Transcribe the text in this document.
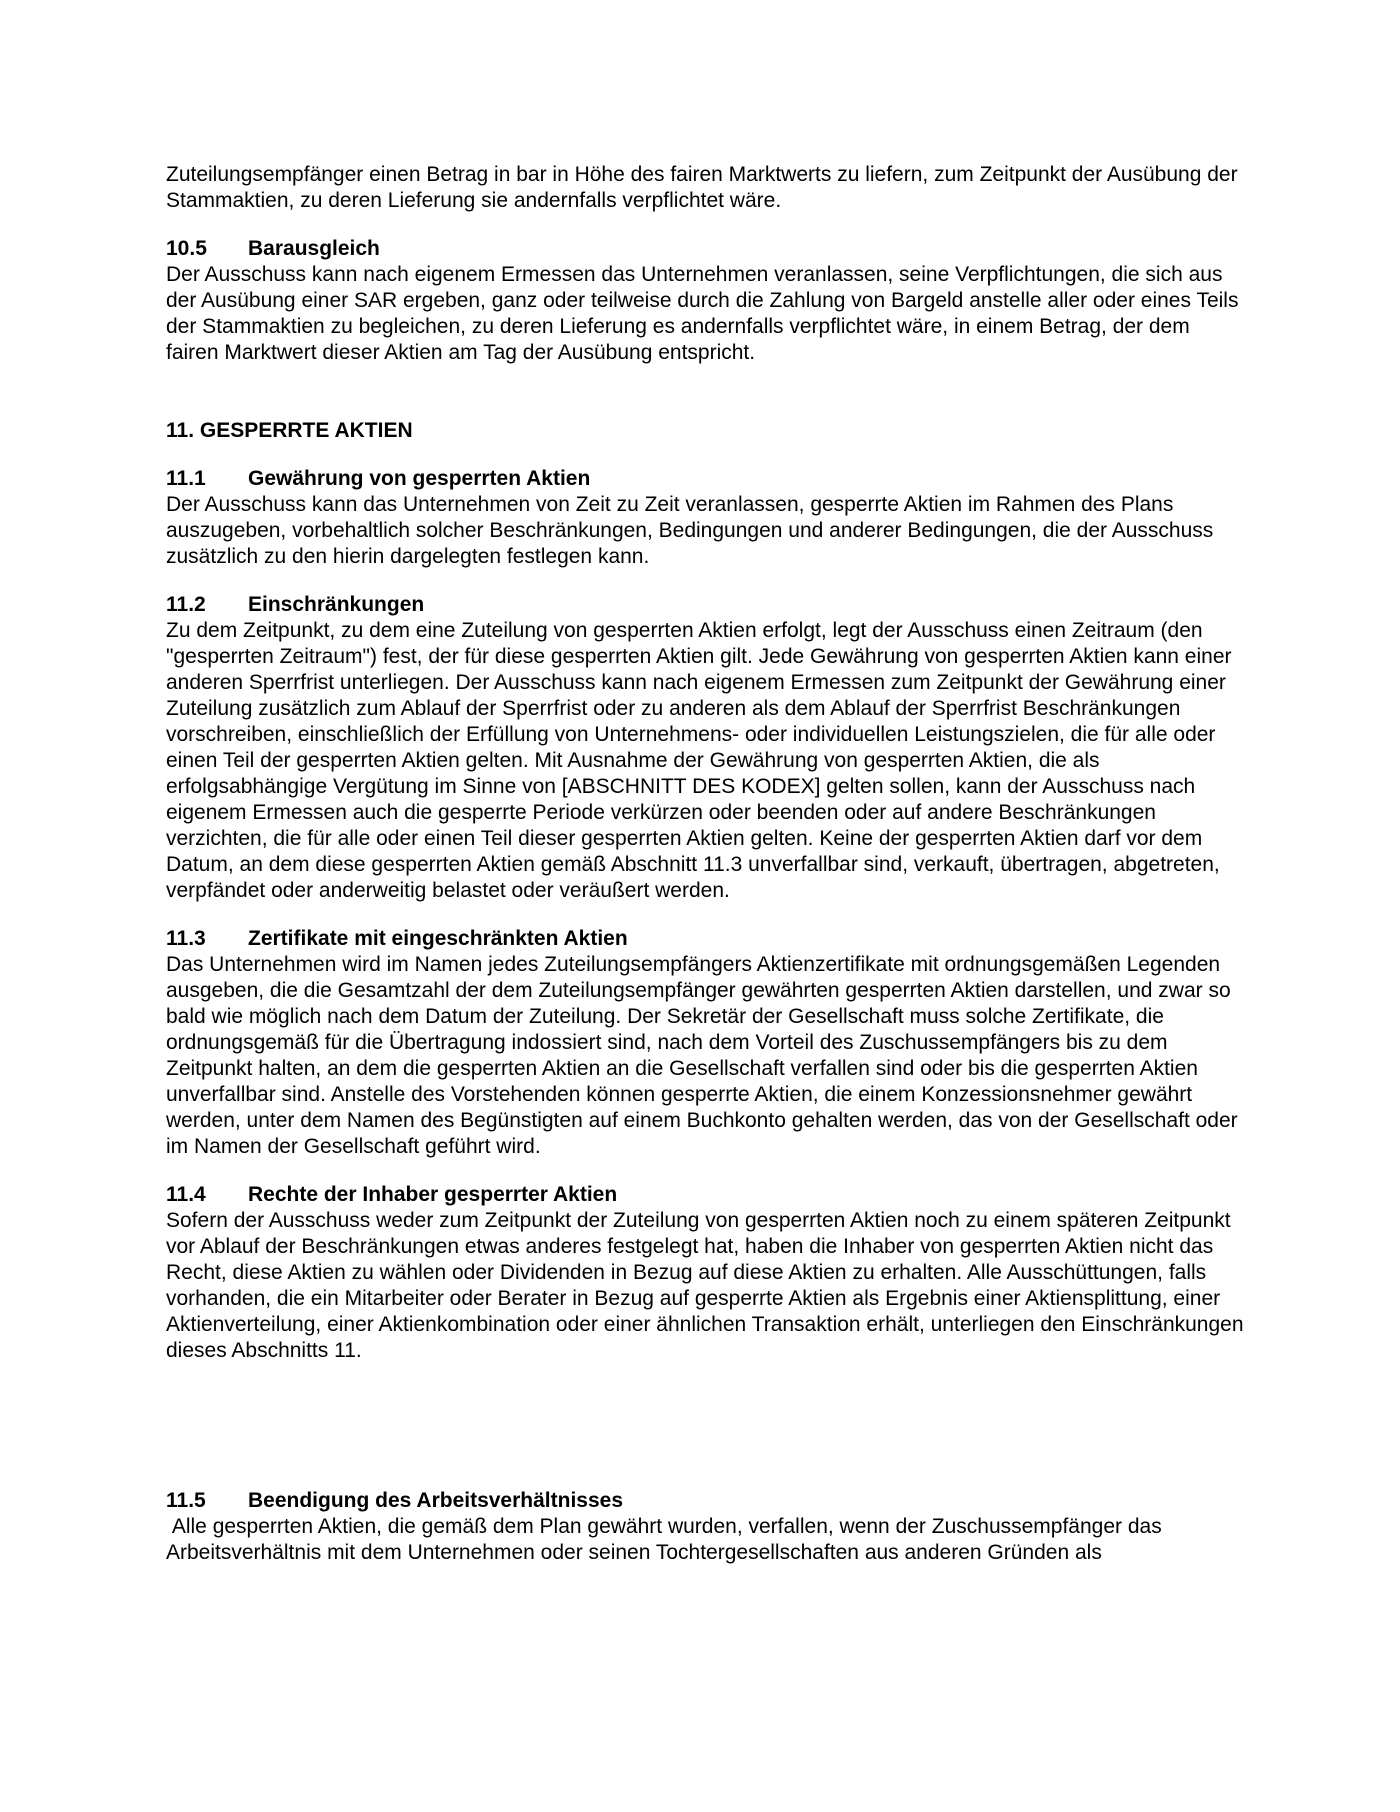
Zuteilungsempfänger einen Betrag in bar in Höhe des fairen Marktwerts zu liefern, zum Zeitpunkt der Ausübung der Stammaktien, zu deren Lieferung sie andernfalls verpflichtet wäre.

10.5	Barausgleich

Der Ausschuss kann nach eigenem Ermessen das Unternehmen veranlassen, seine Verpflichtungen, die sich aus der Ausübung einer SAR ergeben, ganz oder teilweise durch die Zahlung von Bargeld anstelle aller oder eines Teils der Stammaktien zu begleichen, zu deren Lieferung es andernfalls verpflichtet wäre, in einem Betrag, der dem fairen Marktwert dieser Aktien am Tag der Ausübung entspricht.

11. GESPERRTE AKTIEN
11.1	Gewährung von gesperrten Aktien

Der Ausschuss kann das Unternehmen von Zeit zu Zeit veranlassen, gesperrte Aktien im Rahmen des Plans auszugeben, vorbehaltlich solcher Beschränkungen, Bedingungen und anderer Bedingungen, die der Ausschuss zusätzlich zu den hierin dargelegten festlegen kann.

11.2	Einschränkungen

Zu dem Zeitpunkt, zu dem eine Zuteilung von gesperrten Aktien erfolgt, legt der Ausschuss einen Zeitraum (den "gesperrten Zeitraum") fest, der für diese gesperrten Aktien gilt. Jede Gewährung von gesperrten Aktien kann einer anderen Sperrfrist unterliegen. Der Ausschuss kann nach eigenem Ermessen zum Zeitpunkt der Gewährung einer Zuteilung zusätzlich zum Ablauf der Sperrfrist oder zu anderen als dem Ablauf der Sperrfrist Beschränkungen vorschreiben, einschließlich der Erfüllung von Unternehmens- oder individuellen Leistungszielen, die für alle oder einen Teil der gesperrten Aktien gelten. Mit Ausnahme der Gewährung von gesperrten Aktien, die als erfolgsabhängige Vergütung im Sinne von [ABSCHNITT DES KODEX] gelten sollen, kann der Ausschuss nach eigenem Ermessen auch die gesperrte Periode verkürzen oder beenden oder auf andere Beschränkungen verzichten, die für alle oder einen Teil dieser gesperrten Aktien gelten. Keine der gesperrten Aktien darf vor dem Datum, an dem diese gesperrten Aktien gemäß Abschnitt 11.3 unverfallbar sind, verkauft, übertragen, abgetreten, verpfändet oder anderweitig belastet oder veräußert werden.

11.3	Zertifikate mit eingeschränkten Aktien

Das Unternehmen wird im Namen jedes Zuteilungsempfängers Aktienzertifikate mit ordnungsgemäßen Legenden ausgeben, die die Gesamtzahl der dem Zuteilungsempfänger gewährten gesperrten Aktien darstellen, und zwar so bald wie möglich nach dem Datum der Zuteilung. Der Sekretär der Gesellschaft muss solche Zertifikate, die ordnungsgemäß für die Übertragung indossiert sind, nach dem Vorteil des Zuschussempfängers bis zu dem Zeitpunkt halten, an dem die gesperrten Aktien an die Gesellschaft verfallen sind oder bis die gesperrten Aktien unverfallbar sind. Anstelle des Vorstehenden können gesperrte Aktien, die einem Konzessionsnehmer gewährt werden, unter dem Namen des Begünstigten auf einem Buchkonto gehalten werden, das von der Gesellschaft oder im Namen der Gesellschaft geführt wird.

11.4	Rechte der Inhaber gesperrter Aktien

Sofern der Ausschuss weder zum Zeitpunkt der Zuteilung von gesperrten Aktien noch zu einem späteren Zeitpunkt vor Ablauf der Beschränkungen etwas anderes festgelegt hat, haben die Inhaber von gesperrten Aktien nicht das Recht, diese Aktien zu wählen oder Dividenden in Bezug auf diese Aktien zu erhalten. Alle Ausschüttungen, falls vorhanden, die ein Mitarbeiter oder Berater in Bezug auf gesperrte Aktien als Ergebnis einer Aktiensplittung, einer Aktienverteilung, einer Aktienkombination oder einer ähnlichen Transaktion erhält, unterliegen den Einschränkungen dieses Abschnitts 11.

11.5	Beendigung des Arbeitsverhältnisses

Alle gesperrten Aktien, die gemäß dem Plan gewährt wurden, verfallen, wenn der Zuschussempfänger das Arbeitsverhältnis mit dem Unternehmen oder seinen Tochtergesellschaften aus anderen Gründen als
